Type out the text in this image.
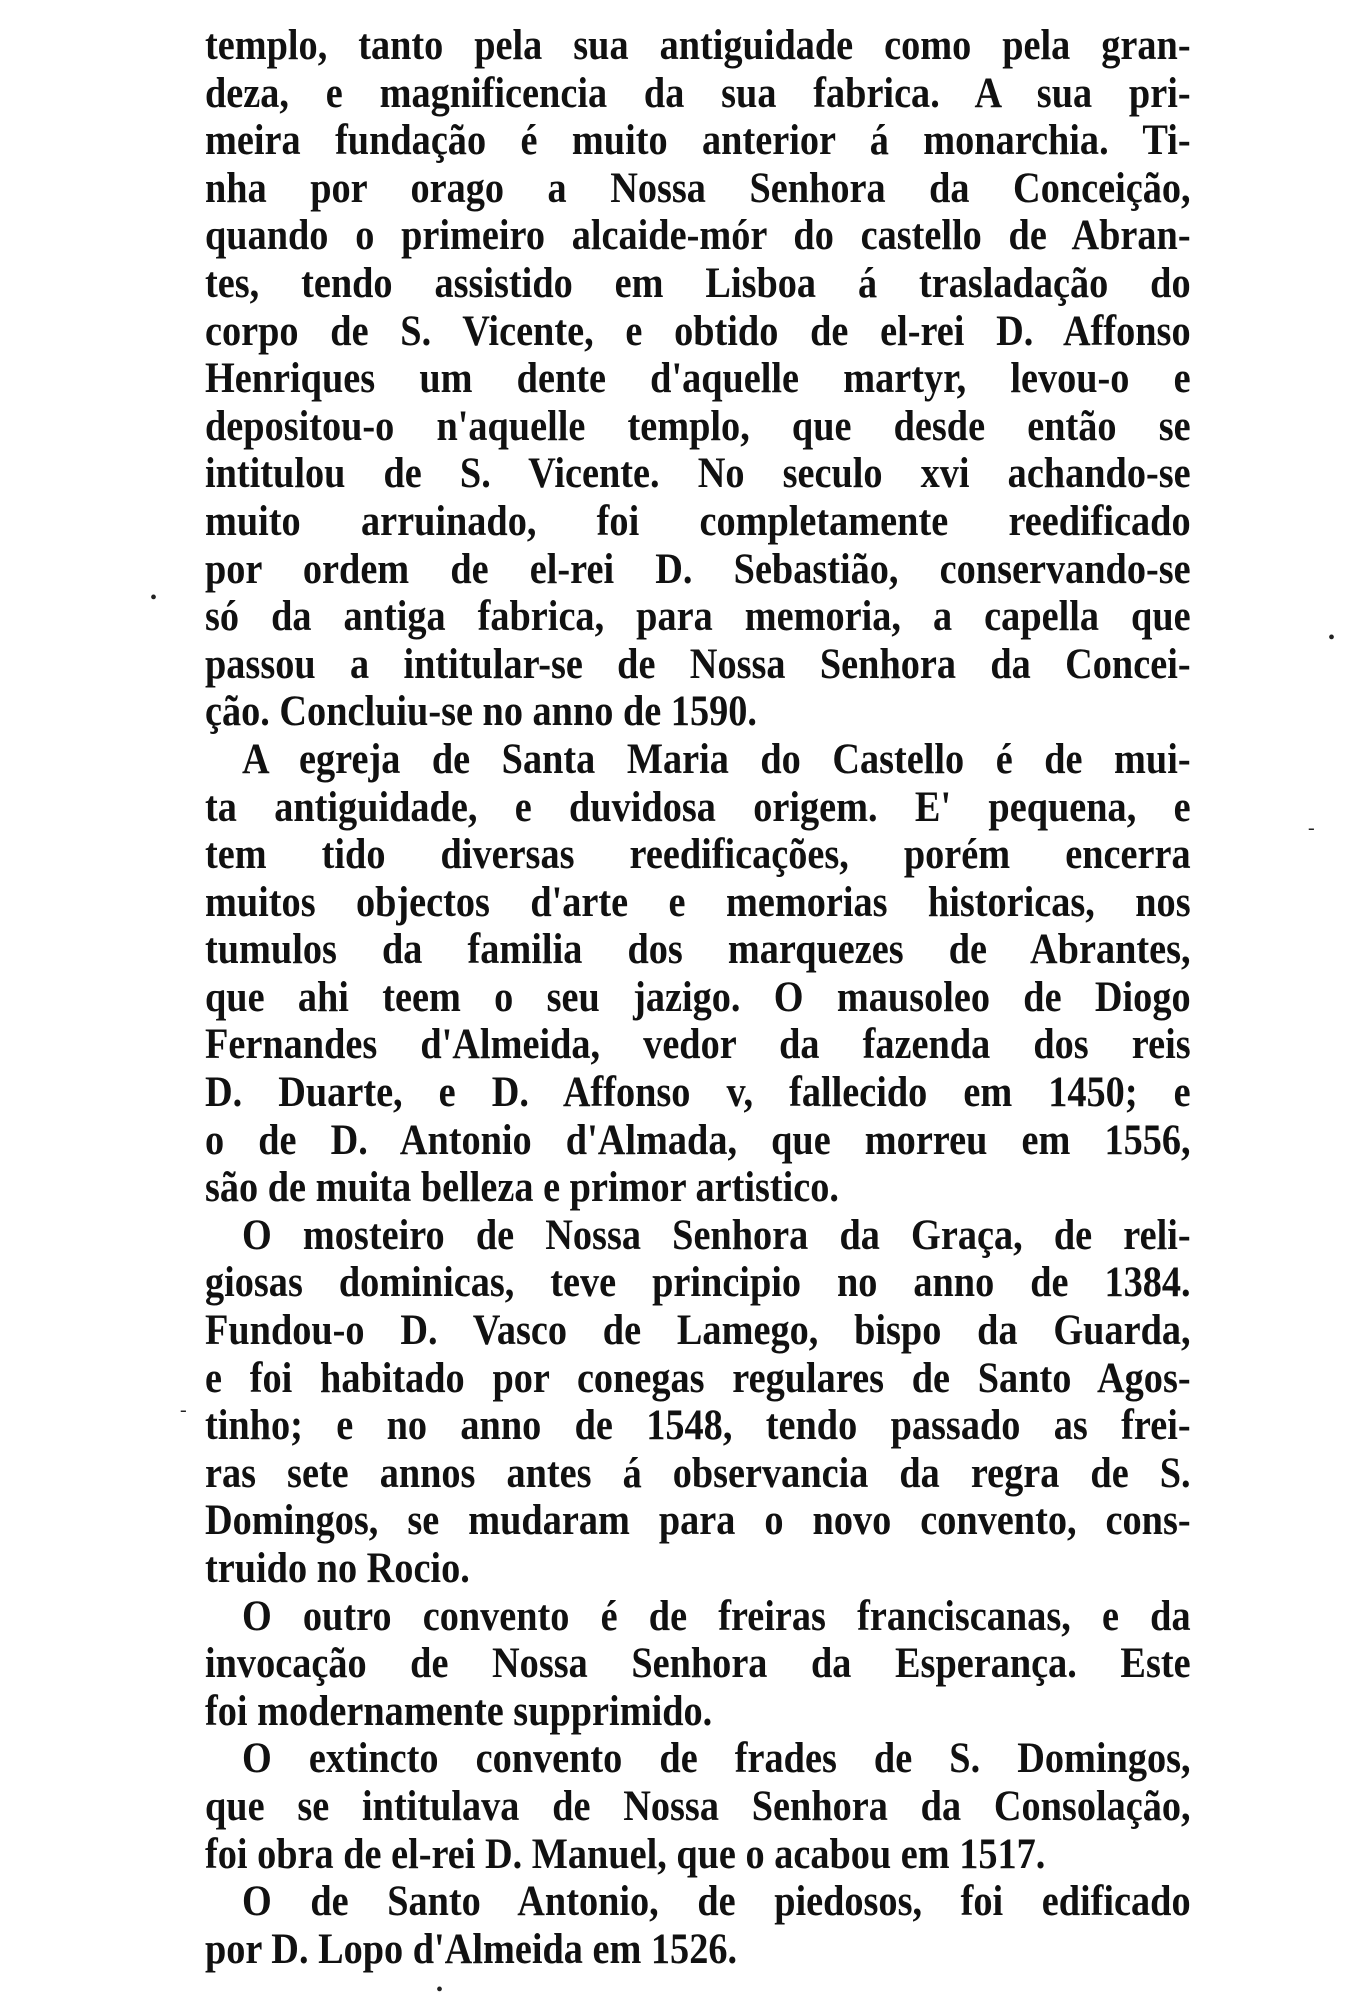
templo, tanto pela sua antiguidade como pela gran-
deza, e magnificencia da sua fabrica. A sua pri-
meira fundação é muito anterior á monarchia. Ti-
nha por orago a Nossa Senhora da Conceição,
quando o primeiro alcaide-mór do castello de Abran-
tes, tendo assistido em Lisboa á trasladação do
corpo de S. Vicente, e obtido de el-rei D. Affonso
Henriques um dente d'aquelle martyr, levou-o e
depositou-o n'aquelle templo, que desde então se
intitulou de S. Vicente. No seculo xvi achando-se
muito arruinado, foi completamente reedificado
por ordem de el-rei D. Sebastião, conservando-se
só da antiga fabrica, para memoria, a capella que
passou a intitular-se de Nossa Senhora da Concei-
ção. Concluiu-se no anno de 1590.
A egreja de Santa Maria do Castello é de mui-
ta antiguidade, e duvidosa origem. E' pequena, e
tem tido diversas reedificações, porém encerra
muitos objectos d'arte e memorias historicas, nos
tumulos da familia dos marquezes de Abrantes,
que ahi teem o seu jazigo. O mausoleo de Diogo
Fernandes d'Almeida, vedor da fazenda dos reis
D. Duarte, e D. Affonso v, fallecido em 1450; e
o de D. Antonio d'Almada, que morreu em 1556,
são de muita belleza e primor artistico.
O mosteiro de Nossa Senhora da Graça, de reli-
giosas dominicas, teve principio no anno de 1384.
Fundou-o D. Vasco de Lamego, bispo da Guarda,
e foi habitado por conegas regulares de Santo Agos-
tinho; e no anno de 1548, tendo passado as frei-
ras sete annos antes á observancia da regra de S.
Domingos, se mudaram para o novo convento, cons-
truido no Rocio.
O outro convento é de freiras franciscanas, e da
invocação de Nossa Senhora da Esperança. Este
foi modernamente supprimido.
O extincto convento de frades de S. Domingos,
que se intitulava de Nossa Senhora da Consolação,
foi obra de el-rei D. Manuel, que o acabou em 1517.
O de Santo Antonio, de piedosos, foi edificado
por D. Lopo d'Almeida em 1526.
•
•
-
-
•
